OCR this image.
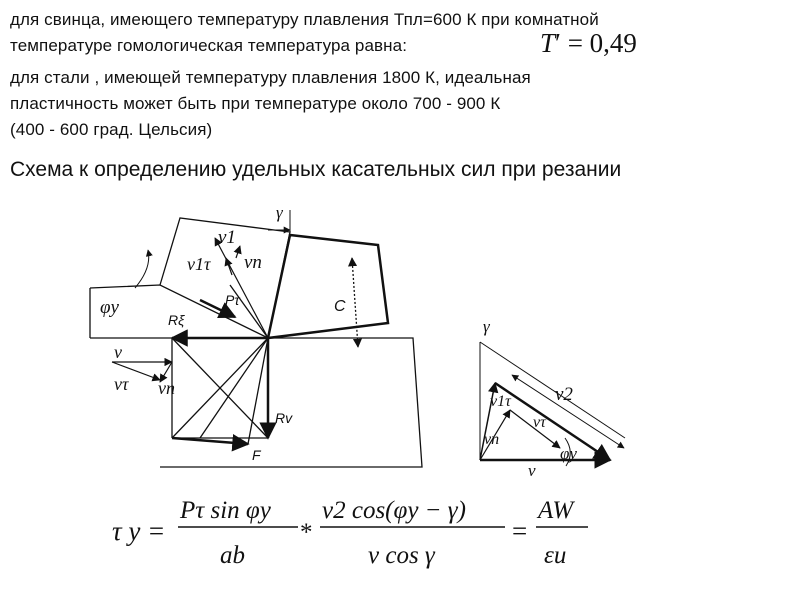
для свинца, имеющего температуру плавления Тпл=600 К при комнатной
температуре гомологическая температура равна:	T′ = 0,49
для стали , имеющей температуру плавления 1800 К, идеальная
пластичность может быть при температуре около 700 - 900 К
(400 - 600 град. Цельсия)
Схема к определению удельных касательных сил при резании
γ
v1
v1τ vn
φy	Pτ
Rξ
C
v
vτ vn
Rv
F
γ
v2
v1τ
vn
vτ
φy
v
τ y =
Pτ sin φy
ab
*
v2 cos(φy − γ)
v cos γ
=
AW
εu
